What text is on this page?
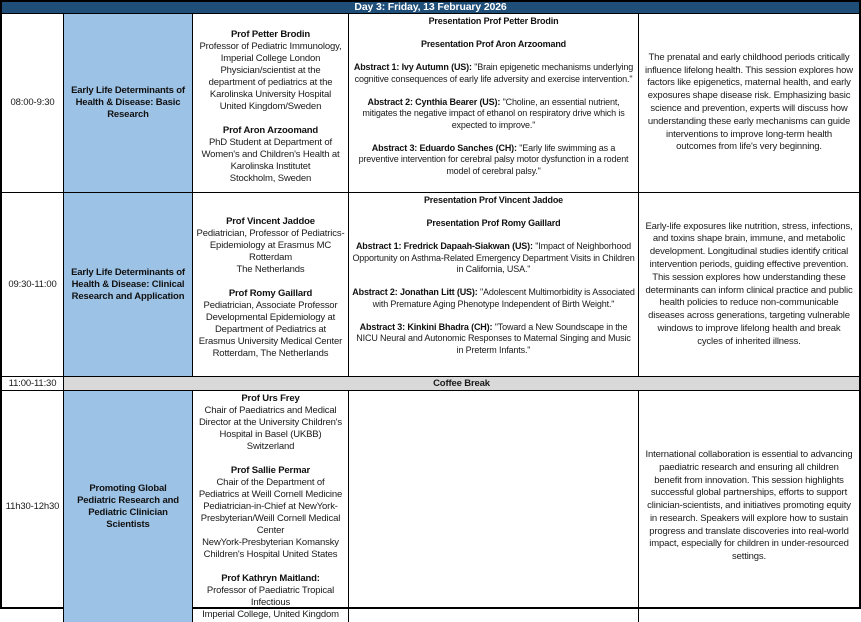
Day 3: Friday, 13 February 2026
08:00-9:30
Early Life Determinants of Health & Disease: Basic Research
Prof Petter Brodin
Professor of Pediatric Immunology, Imperial College London
Physician/scientist at the department of pediatrics at the Karolinska University Hospital
United Kingdom/Sweden
Prof Aron Arzoomand
PhD Student at Department of Women's and Children's Health at
Karolinska Institutet
Stockholm, Sweden
Presentation Prof Petter Brodin
Presentation Prof Aron Arzoomand
Abstract 1: Ivy Autumn (US): "Brain epigenetic mechanisms underlying cognitive consequences of early life adversity and exercise intervention."
Abstract 2: Cynthia Bearer (US): "Choline, an essential nutrient, mitigates the negative impact of ethanol on respiratory drive which is expected to improve."
Abstract 3: Eduardo Sanches (CH): "Early life swimming as a preventive intervention for cerebral palsy motor dysfunction in a rodent model of cerebral palsy."
The prenatal and early childhood periods critically influence lifelong health. This session explores how factors like epigenetics, maternal health, and early exposures shape disease risk. Emphasizing basic science and prevention, experts will discuss how understanding these early mechanisms can guide interventions to improve long-term health outcomes from life's very beginning.
09:30-11:00
Early Life Determinants of Health & Disease: Clinical Research and Application
Prof Vincent Jaddoe
Pediatrician, Professor of Pediatrics-Epidemiology at Erasmus MC
Rotterdam
The Netherlands
Prof Romy Gaillard
Pediatrician, Associate Professor Developmental Epidemiology at Department of Pediatrics at Erasmus University Medical Center
Rotterdam, The Netherlands
Presentation Prof Vincent Jaddoe
Presentation Prof Romy Gaillard
Abstract 1: Fredrick Dapaah-Siakwan (US): "Impact of Neighborhood Opportunity on Asthma-Related Emergency Department Visits in Children in California, USA."
Abstract 2: Jonathan Litt (US): "Adolescent Multimorbidity is Associated with Premature Aging Phenotype Independent of Birth Weight."
Abstract 3: Kinkini Bhadra (CH): "Toward a New Soundscape in the NICU Neural and Autonomic Responses to Maternal Singing and Music in Preterm Infants."
Early-life exposures like nutrition, stress, infections, and toxins shape brain, immune, and metabolic development. Longitudinal studies identify critical intervention periods, guiding effective prevention. This session explores how understanding these determinants can inform clinical practice and public health policies to reduce non-communicable diseases across generations, targeting vulnerable windows to improve lifelong health and break cycles of inherited illness.
11:00-11:30	Coffee Break
11h30-12h30
Promoting Global Pediatric Research and Pediatric Clinician Scientists
Prof Urs Frey
Chair of Paediatrics and Medical Director at the University Children's Hospital in Basel (UKBB)
Switzerland
Prof Sallie Permar
Chair of the Department of Pediatrics at Weill Cornell Medicine
Pediatrician-in-Chief at NewYork-Presbyterian/Weill Cornell Medical Center
NewYork-Presbyterian Komansky Children's Hospital United States
Prof Kathryn Maitland:
Professor of Paediatric Tropical Infectious
Imperial College, United Kingdom
International collaboration is essential to advancing paediatric research and ensuring all children benefit from innovation. This session highlights successful global partnerships, efforts to support clinician-scientists, and initiatives promoting equity in research. Speakers will explore how to sustain progress and translate discoveries into real-world impact, especially for children in under-resourced settings.
